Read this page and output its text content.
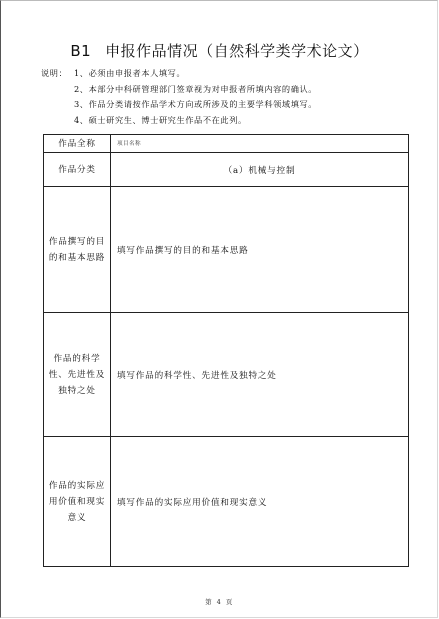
B1 申报作品情况（自然科学类学术论文）
说明： 1、必须由申报者本人填写。
2、本部分中科研管理部门签章视为对申报者所填内容的确认。
3、作品分类请按作品学术方向或所涉及的主要学科领域填写。
4、硕士研究生、博士研究生作品不在此列。
作品全称	项目名称
作品分类	（a）机械与控制
作品撰写的目的和基本思路	填写作品撰写的目的和基本思路
作品的科学性、先进性及独特之处	填写作品的科学性、先进性及独特之处
作品的实际应用价值和现实意义	填写作品的实际应用价值和现实意义
第 4 页
